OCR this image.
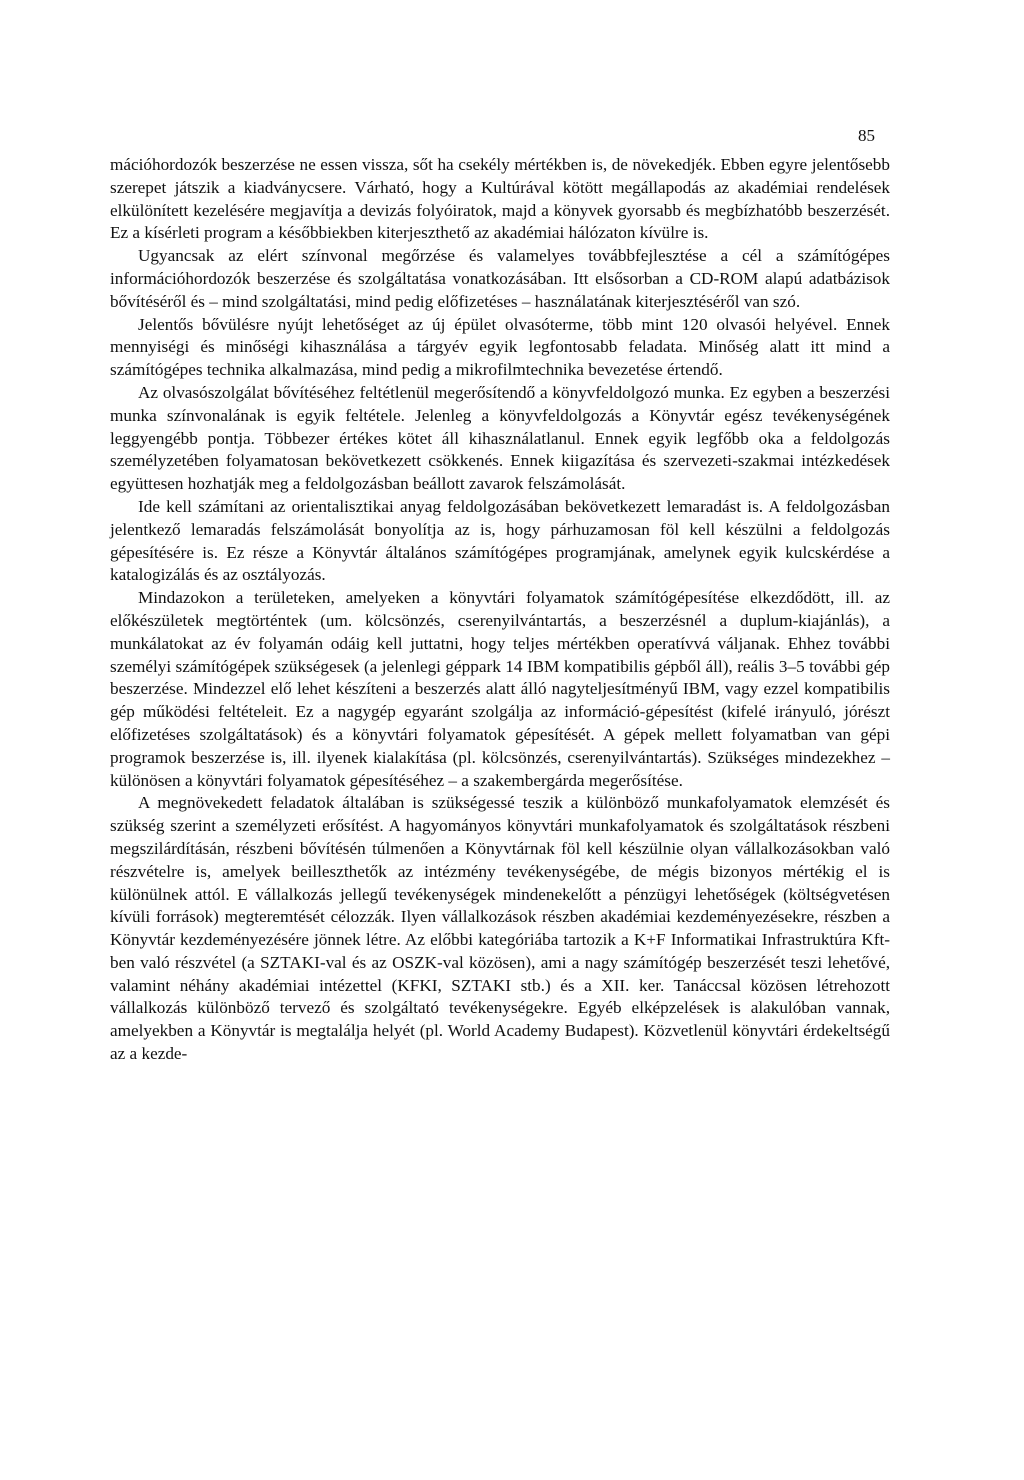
85

mációhordozók beszerzése ne essen vissza, sőt ha csekély mértékben is, de növekedjék. Ebben egyre jelentősebb szerepet játszik a kiadványcsere. Várható, hogy a Kultúrával kötött megállapodás az akadémiai rendelések elkülönített kezelésére megjavítja a devizás folyóiratok, majd a könyvek gyorsabb és megbízhatóbb beszerzését. Ez a kísérleti program a későbbiekben kiterjeszthető az akadémiai hálózaton kívülre is.

Ugyancsak az elért színvonal megőrzése és valamelyes továbbfejlesztése a cél a számítógépes információhordozók beszerzése és szolgáltatása vonatkozásában. Itt elsősorban a CD-ROM alapú adatbázisok bővítéséről és – mind szolgáltatási, mind pedig előfizetéses – használatának kiterjesztéséről van szó.

Jelentős bővülésre nyújt lehetőséget az új épület olvasóterme, több mint 120 olvasói helyével. Ennek mennyiségi és minőségi kihasználása a tárgyév egyik legfontosabb feladata. Minőség alatt itt mind a számítógépes technika alkalmazása, mind pedig a mikrofilmtechnika bevezetése értendő.

Az olvasószolgálat bővítéséhez feltétlenül megerősítendő a könyvfeldolgozó munka. Ez egyben a beszerzési munka színvonalának is egyik feltétele. Jelenleg a könyvfeldolgozás a Könyvtár egész tevékenységének leggyengébb pontja. Többezer értékes kötet áll kihasználatlanul. Ennek egyik legfőbb oka a feldolgozás személyzetében folyamatosan bekövetkezett csökkenés. Ennek kiigazítása és szervezeti-szakmai intézkedések együttesen hozhatják meg a feldolgozásban beállott zavarok felszámolását.

Ide kell számítani az orientalisztikai anyag feldolgozásában bekövetkezett lemaradást is. A feldolgozásban jelentkező lemaradás felszámolását bonyolítja az is, hogy párhuzamosan föl kell készülni a feldolgozás gépesítésére is. Ez része a Könyvtár általános számítógépes programjának, amelynek egyik kulcskérdése a katalogizálás és az osztályozás.

Mindazokon a területeken, amelyeken a könyvtári folyamatok számítógépesítése elkezdődött, ill. az előkészületek megtörténtek (um. kölcsönzés, cserenyilvántartás, a beszerzésnél a duplum-kiajánlás), a munkálatokat az év folyamán odáig kell juttatni, hogy teljes mértékben operatívvá váljanak. Ehhez további személyi számítógépek szükségesek (a jelenlegi géppark 14 IBM kompatibilis gépből áll), reális 3–5 további gép beszerzése. Mindezzel elő lehet készíteni a beszerzés alatt álló nagyteljesítményű IBM, vagy ezzel kompatibilis gép működési feltételeit. Ez a nagygép egyaránt szolgálja az információ-gépesítést (kifelé irányuló, jórészt előfizetéses szolgáltatások) és a könyvtári folyamatok gépesítését. A gépek mellett folyamatban van gépi programok beszerzése is, ill. ilyenek kialakítása (pl. kölcsönzés, cserenyilvántartás). Szükséges mindezekhez – különösen a könyvtári folyamatok gépesítéséhez – a szakembergárda megerősítése.

A megnövekedett feladatok általában is szükségessé teszik a különböző munkafolyamatok elemzését és szükség szerint a személyzeti erősítést. A hagyományos könyvtári munkafolyamatok és szolgáltatások részbeni megszilárdításán, részbeni bővítésén túlmenően a Könyvtárnak föl kell készülnie olyan vállalkozásokban való részvételre is, amelyek beilleszthetők az intézmény tevékenységébe, de mégis bizonyos mértékig el is különülnek attól. E vállalkozás jellegű tevékenységek mindenekelőtt a pénzügyi lehetőségek (költségvetésen kívüli források) megteremtését célozzák. Ilyen vállalkozások részben akadémiai kezdeményezésekre, részben a Könyvtár kezdeményezésére jönnek létre. Az előbbi kategóriába tartozik a K+F Informatikai Infrastruktúra Kft-ben való részvétel (a SZTAKI-val és az OSZK-val közösen), ami a nagy számítógép beszerzését teszi lehetővé, valamint néhány akadémiai intézettel (KFKI, SZTAKI stb.) és a XII. ker. Tanáccsal közösen létrehozott vállalkozás különböző tervező és szolgáltató tevékenységekre. Egyéb elképzelések is alakulóban vannak, amelyekben a Könyvtár is megtalálja helyét (pl. World Academy Budapest). Közvetlenül könyvtári érdekeltségű az a kezde-
